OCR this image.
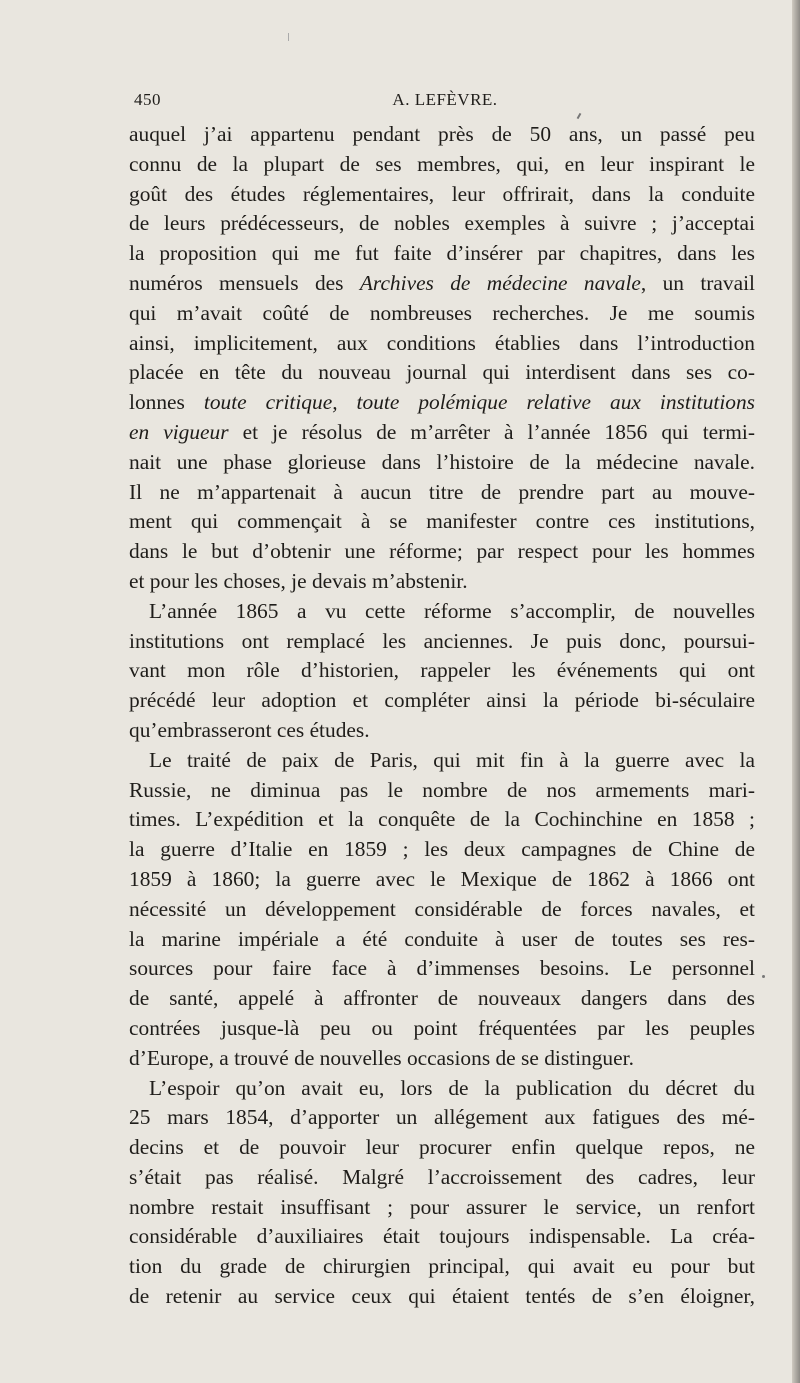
450	A. LEFÈVRE.
auquel j’ai appartenu pendant près de 50 ans, un passé peu
connu de la plupart de ses membres, qui, en leur inspirant le
goût des études réglementaires, leur offrirait, dans la conduite
de leurs prédécesseurs, de nobles exemples à suivre ; j’acceptai
la proposition qui me fut faite d’insérer par chapitres, dans les
numéros mensuels des Archives de médecine navale, un travail
qui m’avait coûté de nombreuses recherches. Je me soumis
ainsi, implicitement, aux conditions établies dans l’introduction
placée en tête du nouveau journal qui interdisent dans ses co-
lonnes toute critique, toute polémique relative aux institutions
en vigueur et je résolus de m’arrêter à l’année 1856 qui termi-
nait une phase glorieuse dans l’histoire de la médecine navale.
Il ne m’appartenait à aucun titre de prendre part au mouve-
ment qui commençait à se manifester contre ces institutions,
dans le but d’obtenir une réforme; par respect pour les hommes
et pour les choses, je devais m’abstenir.
L’année 1865 a vu cette réforme s’accomplir, de nouvelles
institutions ont remplacé les anciennes. Je puis donc, poursui-
vant mon rôle d’historien, rappeler les événements qui ont
précédé leur adoption et compléter ainsi la période bi-séculaire
qu’embrasseront ces études.
Le traité de paix de Paris, qui mit fin à la guerre avec la
Russie, ne diminua pas le nombre de nos armements mari-
times. L’expédition et la conquête de la Cochinchine en 1858 ;
la guerre d’Italie en 1859 ; les deux campagnes de Chine de
1859 à 1860; la guerre avec le Mexique de 1862 à 1866 ont
nécessité un développement considérable de forces navales, et
la marine impériale a été conduite à user de toutes ses res-
sources pour faire face à d’immenses besoins. Le personnel
de santé, appelé à affronter de nouveaux dangers dans des
contrées jusque-là peu ou point fréquentées par les peuples
d’Europe, a trouvé de nouvelles occasions de se distinguer.
L’espoir qu’on avait eu, lors de la publication du décret du
25 mars 1854, d’apporter un allégement aux fatigues des mé-
decins et de pouvoir leur procurer enfin quelque repos, ne
s’était pas réalisé. Malgré l’accroissement des cadres, leur
nombre restait insuffisant ; pour assurer le service, un renfort
considérable d’auxiliaires était toujours indispensable. La créa-
tion du grade de chirurgien principal, qui avait eu pour but
de retenir au service ceux qui étaient tentés de s’en éloigner,
